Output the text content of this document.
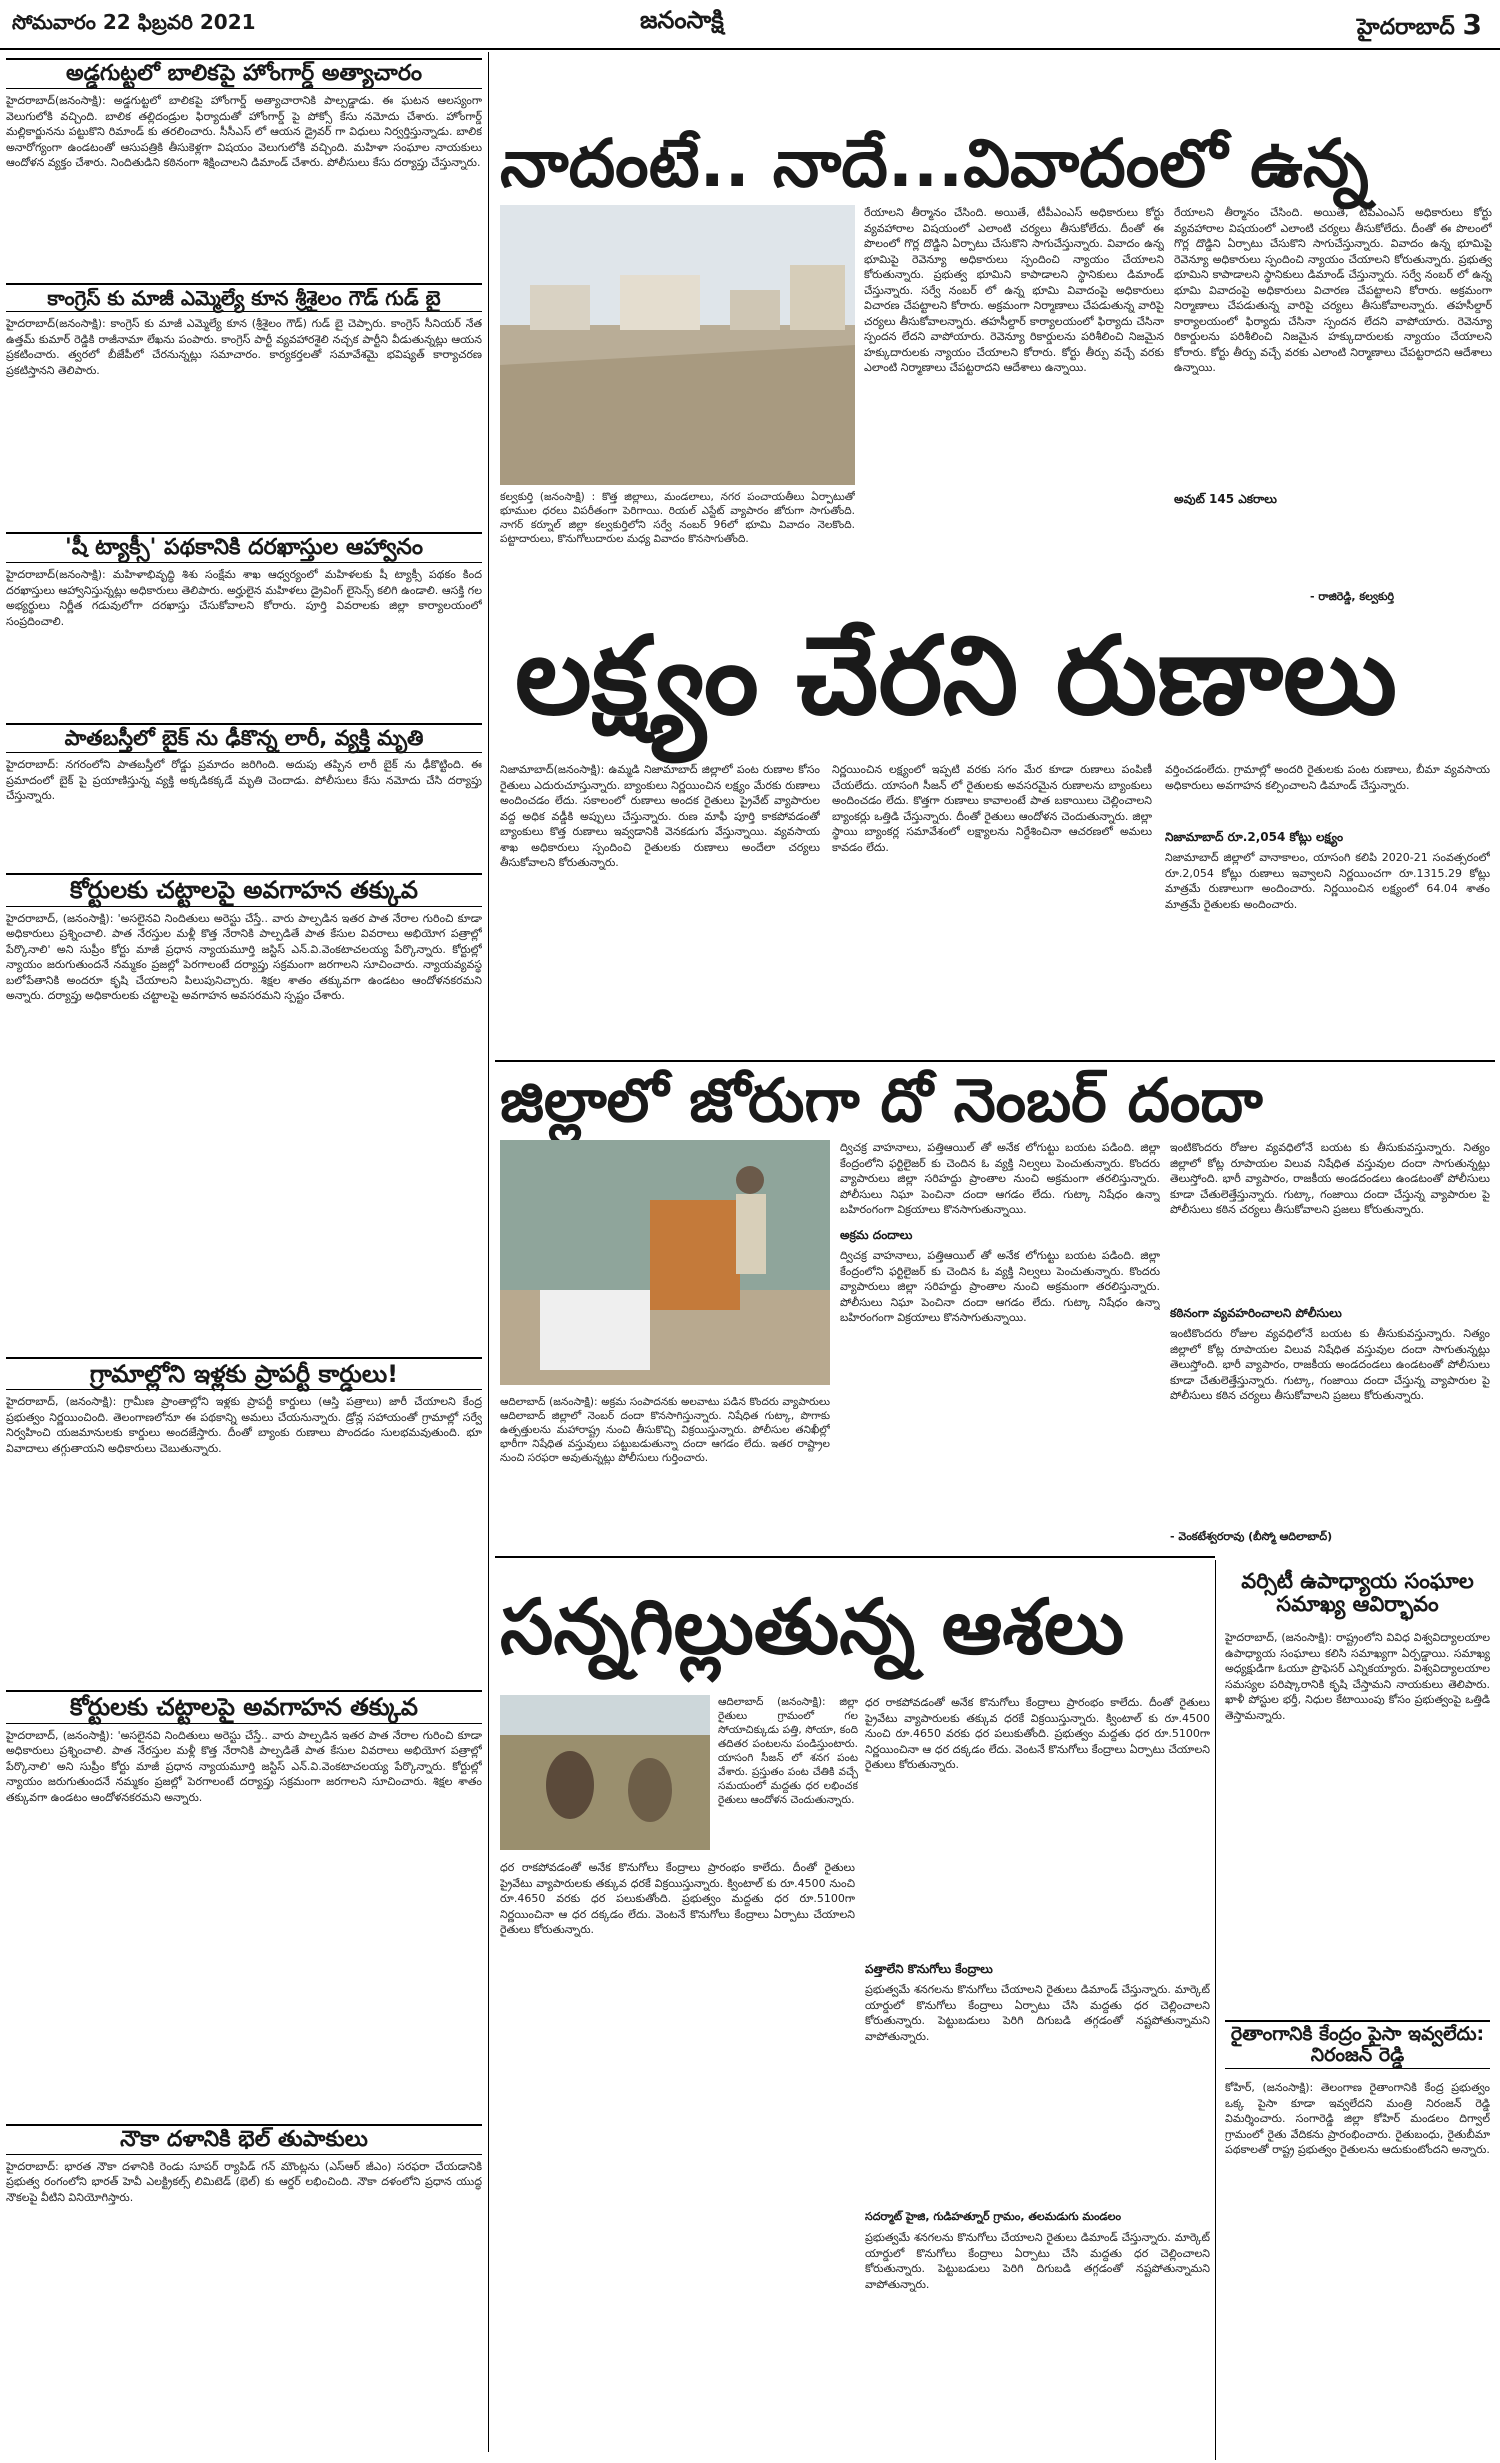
సోమవారం 22 ఫిబ్రవరి 2021	జనంసాక్షి	హైదరాబాద్ 3
అడ్డగుట్టలో బాలికపై హోంగార్డ్ అత్యాచారం
హైదరాబాద్(జనంసాక్షి): అడ్డగుట్టలో బాలికపై హోంగార్డ్ అత్యాచారానికి పాల్పడ్డాడు. ఈ ఘటన ఆలస్యంగా వెలుగులోకి వచ్చింది. బాలిక తల్లిదండ్రుల ఫిర్యాదుతో హోంగార్డ్ పై పోక్సో కేసు నమోదు చేశారు. హోంగార్డ్ మల్లికార్జునను పట్టుకొని రిమాండ్ కు తరలించారు. సీసీఎస్ లో ఆయన డ్రైవర్ గా విధులు నిర్వర్తిస్తున్నాడు. బాలిక అనారోగ్యంగా ఉండటంతో ఆసుపత్రికి తీసుకెళ్లగా విషయం వెలుగులోకి వచ్చింది. మహిళా సంఘాల నాయకులు ఆందోళన వ్యక్తం చేశారు. నిందితుడిని కఠినంగా శిక్షించాలని డిమాండ్ చేశారు. పోలీసులు కేసు దర్యాప్తు చేస్తున్నారు.
కాంగ్రెస్ కు మాజీ ఎమ్మెల్యే కూన శ్రీశైలం గౌడ్ గుడ్ బై
హైదరాబాద్(జనంసాక్షి): కాంగ్రెస్ కు మాజీ ఎమ్మెల్యే కూన (శ్రీశైలం గౌడ్) గుడ్ బై చెప్పారు. కాంగ్రెస్ సీనియర్ నేత ఉత్తమ్ కుమార్ రెడ్డికి రాజీనామా లేఖను పంపారు. కాంగ్రెస్ పార్టీ వ్యవహారశైలి నచ్చక పార్టీని వీడుతున్నట్లు ఆయన ప్రకటించారు. త్వరలో బీజేపీలో చేరనున్నట్లు సమాచారం. కార్యకర్తలతో సమావేశమై భవిష్యత్ కార్యాచరణ ప్రకటిస్తానని తెలిపారు.
'షీ ట్యాక్సీ' పథకానికి దరఖాస్తుల ఆహ్వానం
హైదరాబాద్(జనంసాక్షి): మహిళాభివృద్ధి శిశు సంక్షేమ శాఖ ఆధ్వర్యంలో మహిళలకు షీ ట్యాక్సీ పథకం కింద దరఖాస్తులు ఆహ్వానిస్తున్నట్లు అధికారులు తెలిపారు. అర్హులైన మహిళలు డ్రైవింగ్ లైసెన్స్ కలిగి ఉండాలి. ఆసక్తి గల అభ్యర్థులు నిర్ణీత గడువులోగా దరఖాస్తు చేసుకోవాలని కోరారు. పూర్తి వివరాలకు జిల్లా కార్యాలయంలో సంప్రదించాలి.
పాతబస్తీలో బైక్ ను ఢీకొన్న లారీ, వ్యక్తి మృతి
హైదరాబాద్: నగరంలోని పాతబస్తీలో రోడ్డు ప్రమాదం జరిగింది. అదుపు తప్పిన లారీ బైక్ ను ఢీకొట్టింది. ఈ ప్రమాదంలో బైక్ పై ప్రయాణిస్తున్న వ్యక్తి అక్కడికక్కడే మృతి చెందాడు. పోలీసులు కేసు నమోదు చేసి దర్యాప్తు చేస్తున్నారు.
కోర్టులకు చట్టాలపై అవగాహన తక్కువ
హైదరాబాద్, (జనంసాక్షి): 'అసలైనవి నిందితులు అరెస్టు చేస్తే.. వారు పాల్పడిన ఇతర పాత నేరాల గురించి కూడా అధికారులు ప్రశ్నించాలి. పాత నేరస్తుల మళ్లీ కొత్త నేరానికి పాల్పడితే పాత కేసుల వివరాలు అభియోగ పత్రాల్లో పేర్కొనాలి' అని సుప్రీం కోర్టు మాజీ ప్రధాన న్యాయమూర్తి జస్టిస్ ఎన్.వి.వెంకటాచలయ్య పేర్కొన్నారు. కోర్టుల్లో న్యాయం జరుగుతుందనే నమ్మకం ప్రజల్లో పెరగాలంటే దర్యాప్తు సక్రమంగా జరగాలని సూచించారు. న్యాయవ్యవస్థ బలోపేతానికి అందరూ కృషి చేయాలని పిలుపునిచ్చారు. శిక్షల శాతం తక్కువగా ఉండటం ఆందోళనకరమని అన్నారు. దర్యాప్తు అధికారులకు చట్టాలపై అవగాహన అవసరమని స్పష్టం చేశారు.
గ్రామాల్లోని ఇళ్లకు ప్రాపర్టీ కార్డులు!
హైదరాబాద్, (జనంసాక్షి): గ్రామీణ ప్రాంతాల్లోని ఇళ్లకు ప్రాపర్టీ కార్డులు (ఆస్తి పత్రాలు) జారీ చేయాలని కేంద్ర ప్రభుత్వం నిర్ణయించింది. తెలంగాణలోనూ ఈ పథకాన్ని అమలు చేయనున్నారు. డ్రోన్ల సహాయంతో గ్రామాల్లో సర్వే నిర్వహించి యజమానులకు కార్డులు అందజేస్తారు. దీంతో బ్యాంకు రుణాలు పొందడం సులభమవుతుంది. భూ వివాదాలు తగ్గుతాయని అధికారులు చెబుతున్నారు.
కోర్టులకు చట్టాలపై అవగాహన తక్కువ
హైదరాబాద్, (జనంసాక్షి): 'అసలైనవి నిందితులు అరెస్టు చేస్తే.. వారు పాల్పడిన ఇతర పాత నేరాల గురించి కూడా అధికారులు ప్రశ్నించాలి. పాత నేరస్తుల మళ్లీ కొత్త నేరానికి పాల్పడితే పాత కేసుల వివరాలు అభియోగ పత్రాల్లో పేర్కొనాలి' అని సుప్రీం కోర్టు మాజీ ప్రధాన న్యాయమూర్తి జస్టిస్ ఎన్.వి.వెంకటాచలయ్య పేర్కొన్నారు. కోర్టుల్లో న్యాయం జరుగుతుందనే నమ్మకం ప్రజల్లో పెరగాలంటే దర్యాప్తు సక్రమంగా జరగాలని సూచించారు. శిక్షల శాతం తక్కువగా ఉండటం ఆందోళనకరమని అన్నారు.
నౌకా దళానికి భెల్ తుపాకులు
హైదరాబాద్: భారత నౌకా దళానికి రెండు సూపర్ ర్యాపిడ్ గన్ మౌంట్లను (ఎస్ఆర్ జీఎం) సరఫరా చేయడానికి ప్రభుత్వ రంగంలోని భారత్ హెవీ ఎలక్ట్రికల్స్ లిమిటెడ్ (భెల్) కు ఆర్డర్ లభించింది. నౌకా దళంలోని ప్రధాన యుద్ధ నౌకలపై వీటిని వినియోగిస్తారు.
నాదంటే.. నాదే...వివాదంలో ఉన్న
కల్వకుర్తి (జనంసాక్షి) : కొత్త జిల్లాలు, మండలాలు, నగర పంచాయతీలు ఏర్పాటుతో భూముల ధరలు విపరీతంగా పెరిగాయి. రియల్ ఎస్టేట్ వ్యాపారం జోరుగా సాగుతోంది. నాగర్ కర్నూల్ జిల్లా కల్వకుర్తిలోని సర్వే నంబర్ 96లో భూమి వివాదం నెలకొంది. పట్టాదారులు, కొనుగోలుదారుల మధ్య వివాదం కొనసాగుతోంది.
రేయాలని తీర్మానం చేసింది. అయితే, టీపీఎంఎస్ అధికారులు కోర్టు వ్యవహారాల విషయంలో ఎలాంటి చర్యలు తీసుకోలేదు. దీంతో ఈ పొలంలో గొర్ల దొడ్డిని ఏర్పాటు చేసుకొని సాగుచేస్తున్నారు. వివాదం ఉన్న భూమిపై రెవెన్యూ అధికారులు స్పందించి న్యాయం చేయాలని కోరుతున్నారు. ప్రభుత్వ భూమిని కాపాడాలని స్థానికులు డిమాండ్ చేస్తున్నారు. సర్వే నంబర్ లో ఉన్న భూమి వివాదంపై అధికారులు విచారణ చేపట్టాలని కోరారు. అక్రమంగా నిర్మాణాలు చేపడుతున్న వారిపై చర్యలు తీసుకోవాలన్నారు. తహసీల్దార్ కార్యాలయంలో ఫిర్యాదు చేసినా స్పందన లేదని వాపోయారు. రెవెన్యూ రికార్డులను పరిశీలించి నిజమైన హక్కుదారులకు న్యాయం చేయాలని కోరారు. కోర్టు తీర్పు వచ్చే వరకు ఎలాంటి నిర్మాణాలు చేపట్టరాదని ఆదేశాలు ఉన్నాయి.
రేయాలని తీర్మానం చేసింది. అయితే, టీపీఎంఎస్ అధికారులు కోర్టు వ్యవహారాల విషయంలో ఎలాంటి చర్యలు తీసుకోలేదు. దీంతో ఈ పొలంలో గొర్ల దొడ్డిని ఏర్పాటు చేసుకొని సాగుచేస్తున్నారు. వివాదం ఉన్న భూమిపై రెవెన్యూ అధికారులు స్పందించి న్యాయం చేయాలని కోరుతున్నారు. ప్రభుత్వ భూమిని కాపాడాలని స్థానికులు డిమాండ్ చేస్తున్నారు. సర్వే నంబర్ లో ఉన్న భూమి వివాదంపై అధికారులు విచారణ చేపట్టాలని కోరారు. అక్రమంగా నిర్మాణాలు చేపడుతున్న వారిపై చర్యలు తీసుకోవాలన్నారు. తహసీల్దార్ కార్యాలయంలో ఫిర్యాదు చేసినా స్పందన లేదని వాపోయారు. రెవెన్యూ రికార్డులను పరిశీలించి నిజమైన హక్కుదారులకు న్యాయం చేయాలని కోరారు. కోర్టు తీర్పు వచ్చే వరకు ఎలాంటి నిర్మాణాలు చేపట్టరాదని ఆదేశాలు ఉన్నాయి.
అవుట్ 145 ఎకరాలు
- రాజిరెడ్డి, కల్వకుర్తి
లక్ష్యం చేరని రుణాలు
నిజామాబాద్(జనంసాక్షి): ఉమ్మడి నిజామాబాద్ జిల్లాలో పంట రుణాల కోసం రైతులు ఎదురుచూస్తున్నారు. బ్యాంకులు నిర్ణయించిన లక్ష్యం మేరకు రుణాలు అందించడం లేదు. సకాలంలో రుణాలు అందక రైతులు ప్రైవేట్ వ్యాపారుల వద్ద అధిక వడ్డీకి అప్పులు చేస్తున్నారు. రుణ మాఫీ పూర్తి కాకపోవడంతో బ్యాంకులు కొత్త రుణాలు ఇవ్వడానికి వెనకడుగు వేస్తున్నాయి. వ్యవసాయ శాఖ అధికారులు స్పందించి రైతులకు రుణాలు అందేలా చర్యలు తీసుకోవాలని కోరుతున్నారు.
నిర్ణయించిన లక్ష్యంలో ఇప్పటి వరకు సగం మేర కూడా రుణాలు పంపిణీ చేయలేదు. యాసంగి సీజన్ లో రైతులకు అవసరమైన రుణాలను బ్యాంకులు అందించడం లేదు. కొత్తగా రుణాలు కావాలంటే పాత బకాయిలు చెల్లించాలని బ్యాంకర్లు ఒత్తిడి చేస్తున్నారు. దీంతో రైతులు ఆందోళన చెందుతున్నారు. జిల్లా స్థాయి బ్యాంకర్ల సమావేశంలో లక్ష్యాలను నిర్దేశించినా ఆచరణలో అమలు కావడం లేదు.
వర్తించడంలేదు. గ్రామాల్లో అందరి రైతులకు పంట రుణాలు, బీమా వ్యవసాయ అధికారులు అవగాహన కల్పించాలని డిమాండ్ చేస్తున్నారు.
నిజామాబాద్ రూ.2,054 కోట్లు లక్ష్యం
నిజామాబాద్ జిల్లాలో వానాకాలం, యాసంగి కలిపి 2020-21 సంవత్సరంలో రూ.2,054 కోట్లు రుణాలు ఇవ్వాలని నిర్ణయించగా రూ.1315.29 కోట్లు మాత్రమే రుణాలుగా అందించారు. నిర్ణయించిన లక్ష్యంలో 64.04 శాతం మాత్రమే రైతులకు అందించారు.
జిల్లాలో జోరుగా దో నెంబర్ దందా
ఆదిలాబాద్ (జనంసాక్షి): అక్రమ సంపాదనకు అలవాటు పడిన కొందరు వ్యాపారులు ఆదిలాబాద్ జిల్లాలో నెంబర్ దందా కొనసాగిస్తున్నారు. నిషేధిత గుట్కా, పొగాకు ఉత్పత్తులను మహారాష్ట్ర నుంచి తీసుకొచ్చి విక్రయిస్తున్నారు. పోలీసుల తనిఖీల్లో భారీగా నిషేధిత వస్తువులు పట్టుబడుతున్నా దందా ఆగడం లేదు. ఇతర రాష్ట్రాల నుంచి సరఫరా అవుతున్నట్లు పోలీసులు గుర్తించారు.
ద్విచక్ర వాహనాలు, పత్తిఆయిల్ తో అనేక లోగుట్టు బయట పడింది. జిల్లా కేంద్రంలోని ఫర్టిలైజర్ కు చెందిన ఓ వ్యక్తి నిల్వలు పెంచుతున్నారు. కొందరు వ్యాపారులు జిల్లా సరిహద్దు ప్రాంతాల నుంచి అక్రమంగా తరలిస్తున్నారు. పోలీసులు నిఘా పెంచినా దందా ఆగడం లేదు. గుట్కా నిషేధం ఉన్నా బహిరంగంగా విక్రయాలు కొనసాగుతున్నాయి.
అక్రమ దందాలు
ద్విచక్ర వాహనాలు, పత్తిఆయిల్ తో అనేక లోగుట్టు బయట పడింది. జిల్లా కేంద్రంలోని ఫర్టిలైజర్ కు చెందిన ఓ వ్యక్తి నిల్వలు పెంచుతున్నారు. కొందరు వ్యాపారులు జిల్లా సరిహద్దు ప్రాంతాల నుంచి అక్రమంగా తరలిస్తున్నారు. పోలీసులు నిఘా పెంచినా దందా ఆగడం లేదు. గుట్కా నిషేధం ఉన్నా బహిరంగంగా విక్రయాలు కొనసాగుతున్నాయి.
ఇంటికొందరు రోజుల వ్యవధిలోనే బయట కు తీసుకువస్తున్నారు. నిత్యం జిల్లాలో కోట్ల రూపాయల విలువ నిషేధిత వస్తువుల దందా సాగుతున్నట్లు తెలుస్తోంది. భారీ వ్యాపారం, రాజకీయ అండదండలు ఉండటంతో పోలీసులు కూడా చేతులెత్తేస్తున్నారు. గుట్కా, గంజాయి దందా చేస్తున్న వ్యాపారుల పై పోలీసులు కఠిన చర్యలు తీసుకోవాలని ప్రజలు కోరుతున్నారు.
కఠినంగా వ్యవహరించాలని పోలీసులు
ఇంటికొందరు రోజుల వ్యవధిలోనే బయట కు తీసుకువస్తున్నారు. నిత్యం జిల్లాలో కోట్ల రూపాయల విలువ నిషేధిత వస్తువుల దందా సాగుతున్నట్లు తెలుస్తోంది. భారీ వ్యాపారం, రాజకీయ అండదండలు ఉండటంతో పోలీసులు కూడా చేతులెత్తేస్తున్నారు. గుట్కా, గంజాయి దందా చేస్తున్న వ్యాపారుల పై పోలీసులు కఠిన చర్యలు తీసుకోవాలని ప్రజలు కోరుతున్నారు.
- వెంకటేశ్వరరావు (బీస్మో ఆదిలాబాద్)
సన్నగిల్లుతున్న ఆశలు
ఆదిలాబాద్ (జనంసాక్షి): జిల్లా రైతులు గ్రామంలో గల సోయాచిక్కుడు పత్తి, సోయా, కంది తదితర పంటలను పండిస్తుంటారు. యాసంగి సీజన్ లో శనగ పంట వేశారు. ప్రస్తుతం పంట చేతికి వచ్చే సమయంలో మద్దతు ధర లభించక రైతులు ఆందోళన చెందుతున్నారు.
ధర రాకపోవడంతో అనేక కొనుగోలు కేంద్రాలు ప్రారంభం కాలేదు. దీంతో రైతులు ప్రైవేటు వ్యాపారులకు తక్కువ ధరకే విక్రయిస్తున్నారు. క్వింటాల్ కు రూ.4500 నుంచి రూ.4650 వరకు ధర పలుకుతోంది. ప్రభుత్వం మద్దతు ధర రూ.5100గా నిర్ణయించినా ఆ ధర దక్కడం లేదు. వెంటనే కొనుగోలు కేంద్రాలు ఏర్పాటు చేయాలని రైతులు కోరుతున్నారు.
ధర రాకపోవడంతో అనేక కొనుగోలు కేంద్రాలు ప్రారంభం కాలేదు. దీంతో రైతులు ప్రైవేటు వ్యాపారులకు తక్కువ ధరకే విక్రయిస్తున్నారు. క్వింటాల్ కు రూ.4500 నుంచి రూ.4650 వరకు ధర పలుకుతోంది. ప్రభుత్వం మద్దతు ధర రూ.5100గా నిర్ణయించినా ఆ ధర దక్కడం లేదు. వెంటనే కొనుగోలు కేంద్రాలు ఏర్పాటు చేయాలని రైతులు కోరుతున్నారు.
పత్తాలేని కొనుగోలు కేంద్రాలు
ప్రభుత్వమే శనగలను కొనుగోలు చేయాలని రైతులు డిమాండ్ చేస్తున్నారు. మార్కెట్ యార్డులో కొనుగోలు కేంద్రాలు ఏర్పాటు చేసి మద్దతు ధర చెల్లించాలని కోరుతున్నారు. పెట్టుబడులు పెరిగి దిగుబడి తగ్గడంతో నష్టపోతున్నామని వాపోతున్నారు.
సదర్మాట్ హైజి, గుడిహత్నూర్ గ్రామం, తలమడుగు మండలం
ప్రభుత్వమే శనగలను కొనుగోలు చేయాలని రైతులు డిమాండ్ చేస్తున్నారు. మార్కెట్ యార్డులో కొనుగోలు కేంద్రాలు ఏర్పాటు చేసి మద్దతు ధర చెల్లించాలని కోరుతున్నారు. పెట్టుబడులు పెరిగి దిగుబడి తగ్గడంతో నష్టపోతున్నామని వాపోతున్నారు.
వర్సిటీ ఉపాధ్యాయ సంఘాల సమాఖ్య ఆవిర్భావం
హైదరాబాద్, (జనంసాక్షి): రాష్ట్రంలోని వివిధ విశ్వవిద్యాలయాల ఉపాధ్యాయ సంఘాలు కలిసి సమాఖ్యగా ఏర్పడ్డాయి. సమాఖ్య అధ్యక్షుడిగా ఓయూ ప్రొఫెసర్ ఎన్నికయ్యారు. విశ్వవిద్యాలయాల సమస్యల పరిష్కారానికి కృషి చేస్తామని నాయకులు తెలిపారు. ఖాళీ పోస్టుల భర్తీ, నిధుల కేటాయింపు కోసం ప్రభుత్వంపై ఒత్తిడి తెస్తామన్నారు.
రైతాంగానికి కేంద్రం పైసా ఇవ్వలేదు: నిరంజన్ రెడ్డి
కోహిర్, (జనంసాక్షి): తెలంగాణ రైతాంగానికి కేంద్ర ప్రభుత్వం ఒక్క పైసా కూడా ఇవ్వలేదని మంత్రి నిరంజన్ రెడ్డి విమర్శించారు. సంగారెడ్డి జిల్లా కోహిర్ మండలం దిగ్వాల్ గ్రామంలో రైతు వేదికను ప్రారంభించారు. రైతుబంధు, రైతుబీమా పథకాలతో రాష్ట్ర ప్రభుత్వం రైతులను ఆదుకుంటోందని అన్నారు.
